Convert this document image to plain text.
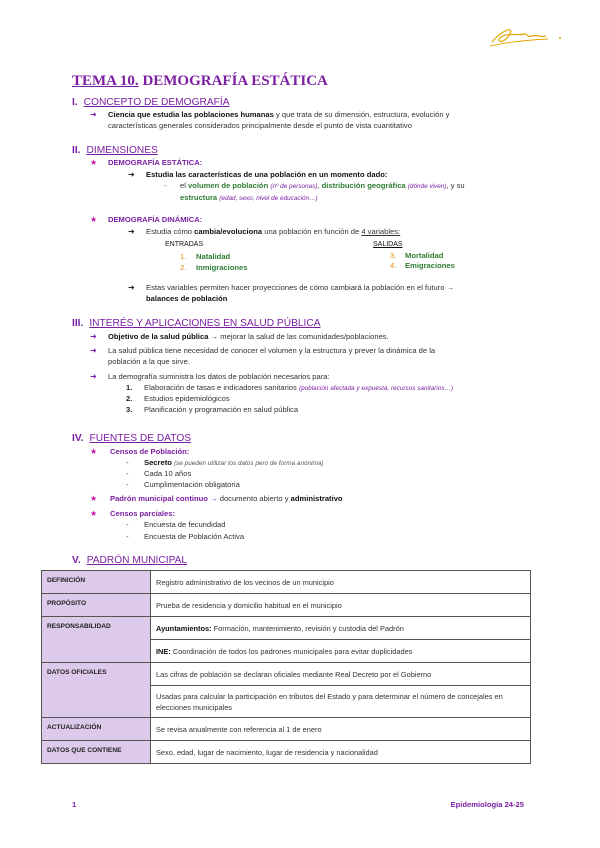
TEMA 10. DEMOGRAFÍA ESTÁTICA
I. CONCEPTO DE DEMOGRAFÍA
➜ Ciencia que estudia las poblaciones humanas y que trata de su dimensión, estructura, evolución y
características generales considerados principalmente desde el punto de vista cuantitativo
II. DIMENSIONES
★ DEMOGRAFÍA ESTÁTICA:
➜ Estudia las características de una población en un momento dado:
- el volumen de población (nº de personas), distribución geográfica (dónde viven), y su
estructura (edad, sexo, nivel de educación…)
★ DEMOGRAFÍA DINÁMICA:
➜ Estudia cómo cambia/evoluciona una población en función de 4 variables:
ENTRADAS	SALIDAS
1. Natalidad
2. Inmigraciones
3. Mortalidad
4. Emigraciones
➜ Estas variables permiten hacer proyecciones de cómo cambiará la población en el futuro →
balances de población
III. INTERÉS Y APLICACIONES EN SALUD PÚBLICA
➜ Objetivo de la salud pública → mejorar la salud de las comunidades/poblaciones.
➜ La salud pública tiene necesidad de conocer el volumen y la estructura y prever la dinámica de la
población a la que sirve.
➜ La demografía suministra los datos de población necesarios para:
1. Elaboración de tasas e indicadores sanitarios (población afectada y expuesta, recursos sanitarios…)
2. Estudios epidemiológicos
3. Planificación y programación en salud pública
IV. FUENTES DE DATOS
★ Censos de Población:
- Secreto (se pueden utilizar los datos pero de forma anónima)
- Cada 10 años
- Cumplimentación obligatoria
★ Padrón municipal continuo → documento abierto y administrativo
★ Censos parciales:
- Encuesta de fecundidad
- Encuesta de Población Activa
V. PADRÓN MUNICIPAL
DEFINICIÓN	Registro administrativo de los vecinos de un municipio
PROPÓSITO	Prueba de residencia y domicilio habitual en el municipio
RESPONSABILIDAD	Ayuntamientos: Formación, mantenimiento, revisión y custodia del Padrón
	INE: Coordinación de todos los padrones municipales para evitar duplicidades
DATOS OFICIALES	Las cifras de población se declaran oficiales mediante Real Decreto por el Gobierno
	Usadas para calcular la participación en tributos del Estado y para determinar el número de concejales en elecciones municipales
ACTUALIZACIÓN	Se revisa anualmente con referencia al 1 de enero
DATOS QUE CONTIENE	Sexo, edad, lugar de nacimiento, lugar de residencia y nacionalidad
1	Epidemiología 24-25
